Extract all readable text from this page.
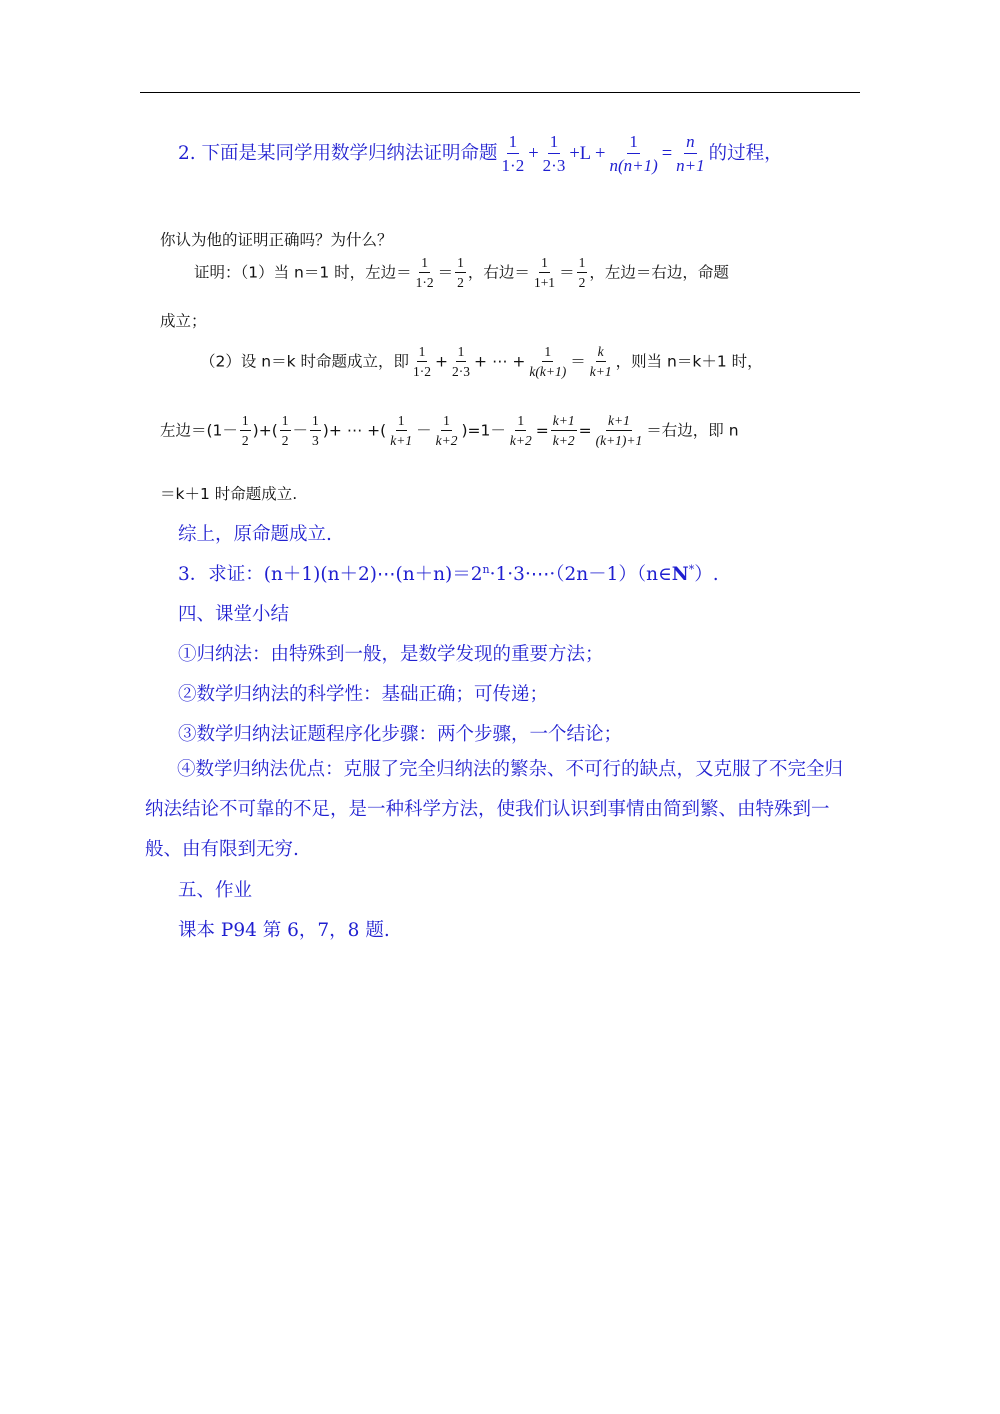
2. 下面是某同学用数学归纳法证明命题 $\frac{1}{1\cdot 2} + \frac{1}{2\cdot 3} +L + \frac{1}{n(n+1)} = \frac{n}{n+1}$ 的过程，
你认为他的证明正确吗？为什么？
证明：（1）当 n＝1 时，左边＝ $\frac{1}{1\cdot 2} = \frac{1}{2}$ ，右边＝ $\frac{1}{1+1} = \frac{1}{2}$ ，左边＝右边，命题
成立；
（2）设 n＝k 时命题成立，即 $\frac{1}{1\cdot 2} + \frac{1}{2\cdot 3}$ + ⋯ + $\frac{1}{k(k+1)} = \frac{k}{k+1}$ ，则当 n＝k＋1 时，
左边$=(1- \frac{1}{2}$ )+( $\frac{1}{2} - \frac{1}{3}$ )+ ⋯ +( $\frac{1}{k+1} - \frac{1}{k+2} )=1- \frac{1}{k+2} = \frac{k+1}{k+2} = \frac{k+1}{(k+1)+1}$ ＝右边，即 n
＝k＋1 时命题成立.
综上，原命题成立.
3．求证：$(n+1)(n+2)\cdots(n+n)=2^n\cdot 1\cdot 3\cdot\cdots\cdot(2n-1)(n\in N^*)$.
四、课堂小结
①归纳法：由特殊到一般，是数学发现的重要方法；
②数学归纳法的科学性：基础正确；可传递；
③数学归纳法证题程序化步骤：两个步骤，一个结论；
④数学归纳法优点：克服了完全归纳法的繁杂、不可行的缺点，又克服了不完全归纳法结论不可靠的不足，是一种科学方法，使我们认识到事情由简到繁、由特殊到一般、由有限到无穷.
五、作业
课本 P94 第 6，7，8 题.
